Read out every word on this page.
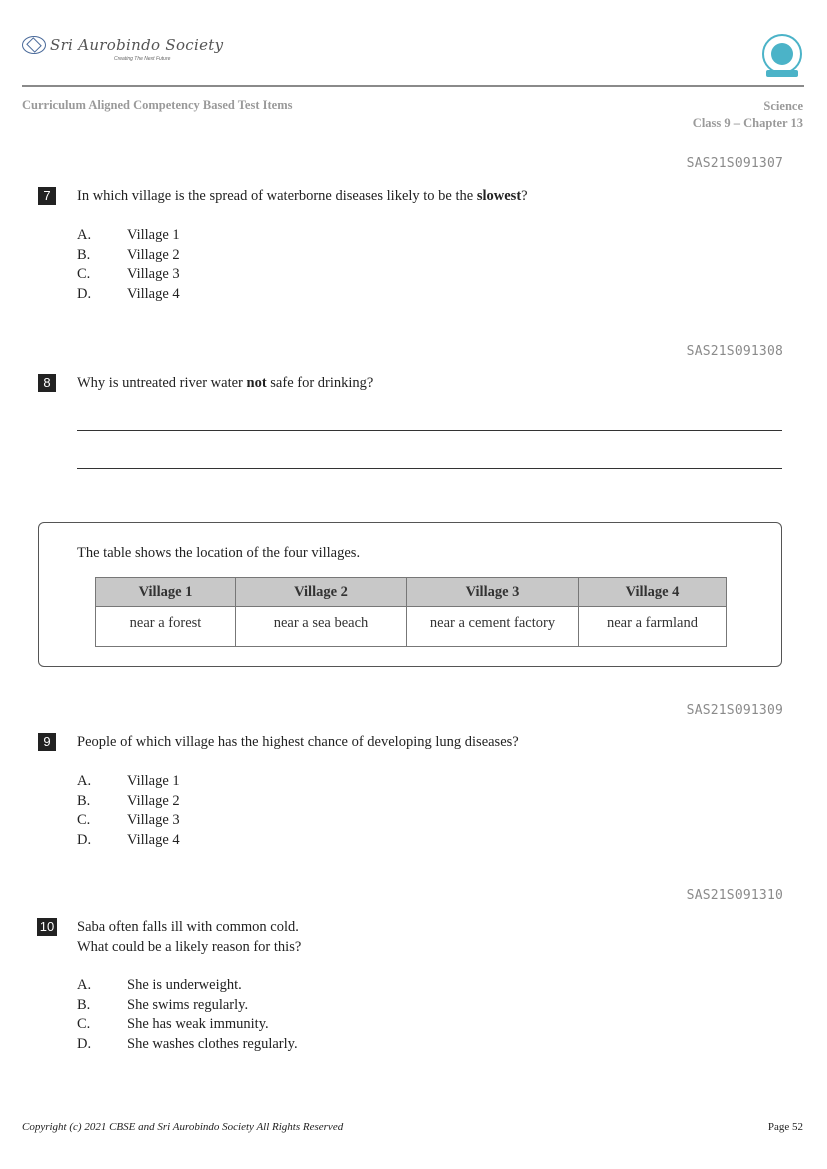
Sri Aurobindo Society
Creating The Next Future
Curriculum Aligned Competency Based Test Items	Science
Class 9 – Chapter 13
SAS21S091307
7	In which village is the spread of waterborne diseases likely to be the slowest?
A.	Village 1
B.	Village 2
C.	Village 3
D.	Village 4
SAS21S091308
8	Why is untreated river water not safe for drinking?
The table shows the location of the four villages.
Village 1	Village 2	Village 3	Village 4
near a forest	near a sea beach	near a cement factory	near a farmland
SAS21S091309
9	People of which village has the highest chance of developing lung diseases?
A.	Village 1
B.	Village 2
C.	Village 3
D.	Village 4
SAS21S091310
10 Saba often falls ill with common cold.
What could be a likely reason for this?
A.	She is underweight.
B.	She swims regularly.
C.	She has weak immunity.
D.	She washes clothes regularly.
Copyright (c) 2021 CBSE and Sri Aurobindo Society All Rights Reserved	Page 52
